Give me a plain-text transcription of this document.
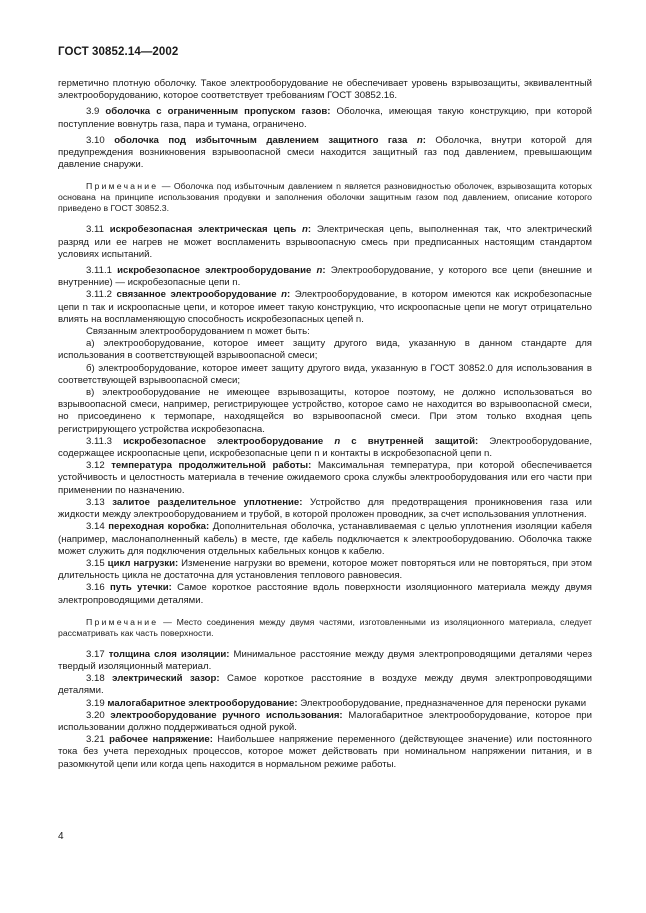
ГОСТ 30852.14—2002

герметично плотную оболочку. Такое электрооборудование не обеспечивает уровень взрывозащиты, эквивалентный электрооборудованию, которое соответствует требованиям ГОСТ 30852.16.

3.9 оболочка с ограниченным пропуском газов: Оболочка, имеющая такую конструкцию, при которой поступление вовнутрь газа, пара и тумана, ограничено.

3.10 оболочка под избыточным давлением защитного газа n: Оболочка, внутри которой для предупреждения возникновения взрывоопасной смеси находится защитный газ под давлением, превышающим давление снаружи.

Примечание — Оболочка под избыточным давлением n является разновидностью оболочек, взрывозащита которых основана на принципе использования продувки и заполнения оболочки защитным газом под давлением, описание которого приведено в ГОСТ 30852.3.

3.11 искробезопасная электрическая цепь n: Электрическая цепь, выполненная так, что электрический разряд или ее нагрев не может воспламенить взрывоопасную смесь при предписанных настоящим стандартом условиях испытаний.

3.11.1 искробезопасное электрооборудование n: Электрооборудование, у которого все цепи (внешние и внутренние) — искробезопасные цепи n.

3.11.2 связанное электрооборудование n: Электрооборудование, в котором имеются как искробезопасные цепи n так и искроопасные цепи, и которое имеет такую конструкцию, что искроопасные цепи не могут отрицательно влиять на воспламеняющую способность искробезопасных цепей n.

Связанным электрооборудованием n может быть:

а) электрооборудование, которое имеет защиту другого вида, указанную в данном стандарте для использования в соответствующей взрывоопасной смеси;

б) электрооборудование, которое имеет защиту другого вида, указанную в ГОСТ 30852.0 для использования в соответствующей взрывоопасной смеси;

в) электрооборудование не имеющее взрывозащиты, которое поэтому, не должно использоваться во взрывоопасной смеси, например, регистрирующее устройство, которое само не находится во взрывоопасной смеси, но присоединено к термопаре, находящейся во взрывоопасной смеси. При этом только входная цепь регистрирующего устройства искробезопасна.

3.11.3 искробезопасное электрооборудование n с внутренней защитой: Электрооборудование, содержащее искроопасные цепи, искробезопасные цепи n и контакты в искробезопасной цепи n.

3.12 температура продолжительной работы: Максимальная температура, при которой обеспечивается устойчивость и целостность материала в течение ожидаемого срока службы электрооборудования или его части при применении по назначению.

3.13 залитое разделительное уплотнение: Устройство для предотвращения проникновения газа или жидкости между электрооборудованием и трубой, в которой проложен проводник, за счет использования уплотнения.

3.14 переходная коробка: Дополнительная оболочка, устанавливаемая с целью уплотнения изоляции кабеля (например, маслонаполненный кабель) в месте, где кабель подключается к электрооборудованию. Оболочка также может служить для подключения отдельных кабельных концов к кабелю.

3.15 цикл нагрузки: Изменение нагрузки во времени, которое может повторяться или не повторяться, при этом длительность цикла не достаточна для установления теплового равновесия.

3.16 путь утечки: Самое короткое расстояние вдоль поверхности изоляционного материала между двумя электропроводящими деталями.

Примечание — Место соединения между двумя частями, изготовленными из изоляционного материала, следует рассматривать как часть поверхности.

3.17 толщина слоя изоляции: Минимальное расстояние между двумя электропроводящими деталями через твердый изоляционный материал.

3.18 электрический зазор: Самое короткое расстояние в воздухе между двумя электропроводящими деталями.

3.19 малогабаритное электрооборудование: Электрооборудование, предназначенное для переноски руками

3.20 электрооборудование ручного использования: Малогабаритное электрооборудование, которое при использовании должно поддерживаться одной рукой.

3.21 рабочее напряжение: Наибольшее напряжение переменного (действующее значение) или постоянного тока без учета переходных процессов, которое может действовать при номинальном напряжении питания, и в разомкнутой цепи или когда цепь находится в нормальном режиме работы.

4
